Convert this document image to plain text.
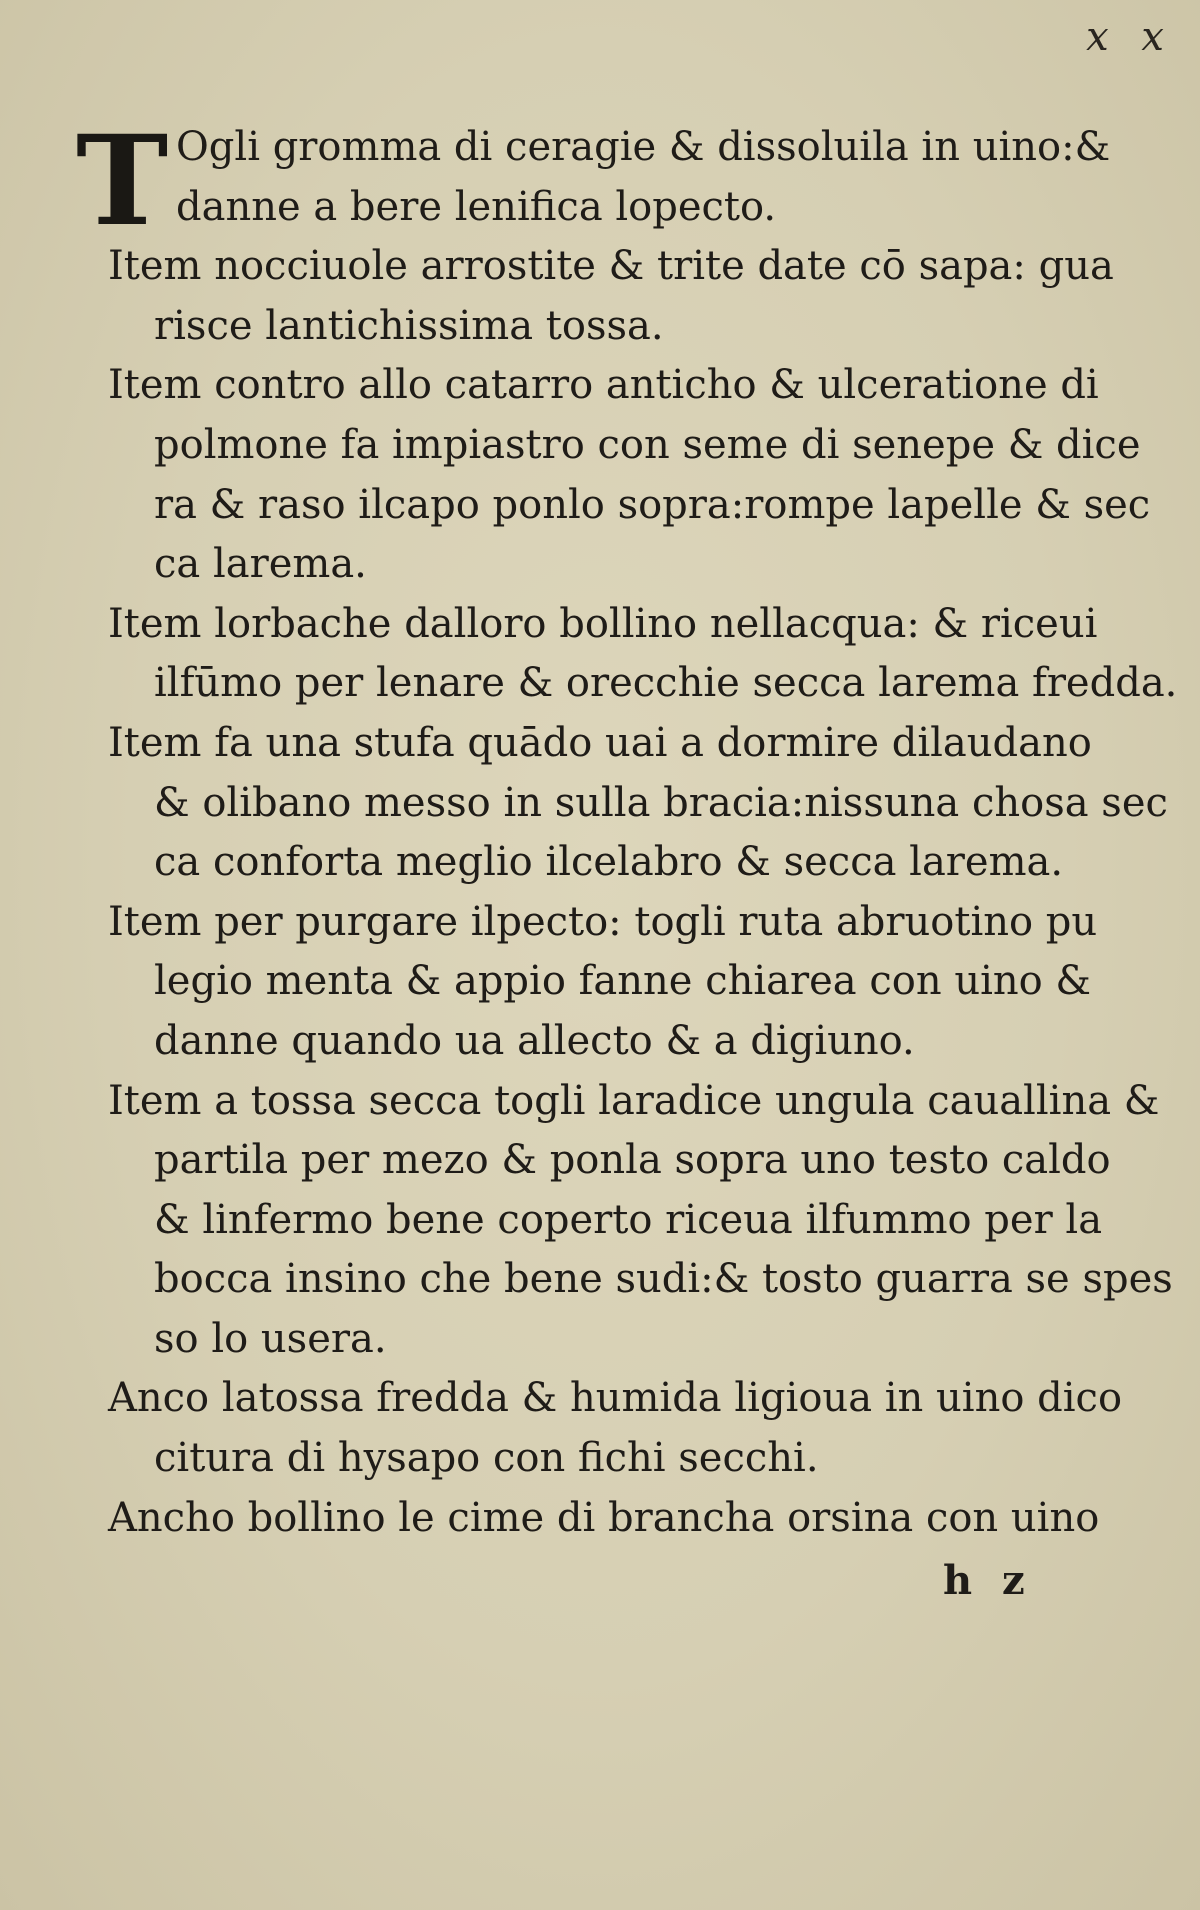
x x
T Ogli gromma di ceragie & dissoluila in uino:&
danne a bere lenifica lopecto.
Item nocciuole arrostite & trite date cō sapa: gua
risce lantichissima tossa.
Item contro allo catarro anticho & ulceratione di
polmone fa impiastro con seme di senepe & dice
ra & raso ilcapo ponlo sopra:rompe lapelle & sec
ca larema.
Item lorbache dalloro bollino nellacqua: & riceui
ilfūmo per lenare & orecchie secca larema fredda.
Item fa una stufa quādo uai a dormire dilaudano
& olibano messo in sulla bracia:nissuna chosa sec
ca conforta meglio ilcelabro & secca larema.
Item per purgare ilpecto: togli ruta abruotino pu
legio menta & appio fanne chiarea con uino &
danne quando ua allecto & a digiuno.
Item a tossa secca togli laradice ungula cauallina &
partila per mezo & ponla sopra uno testo caldo
& linfermo bene coperto riceua ilfummo per la
bocca insino che bene sudi:& tosto guarra se spes
so lo usera.
Anco latossa fredda & humida ligioua in uino dico
citura di hysapo con fichi secchi.
Ancho bollino le cime di brancha orsina con uino
h z
